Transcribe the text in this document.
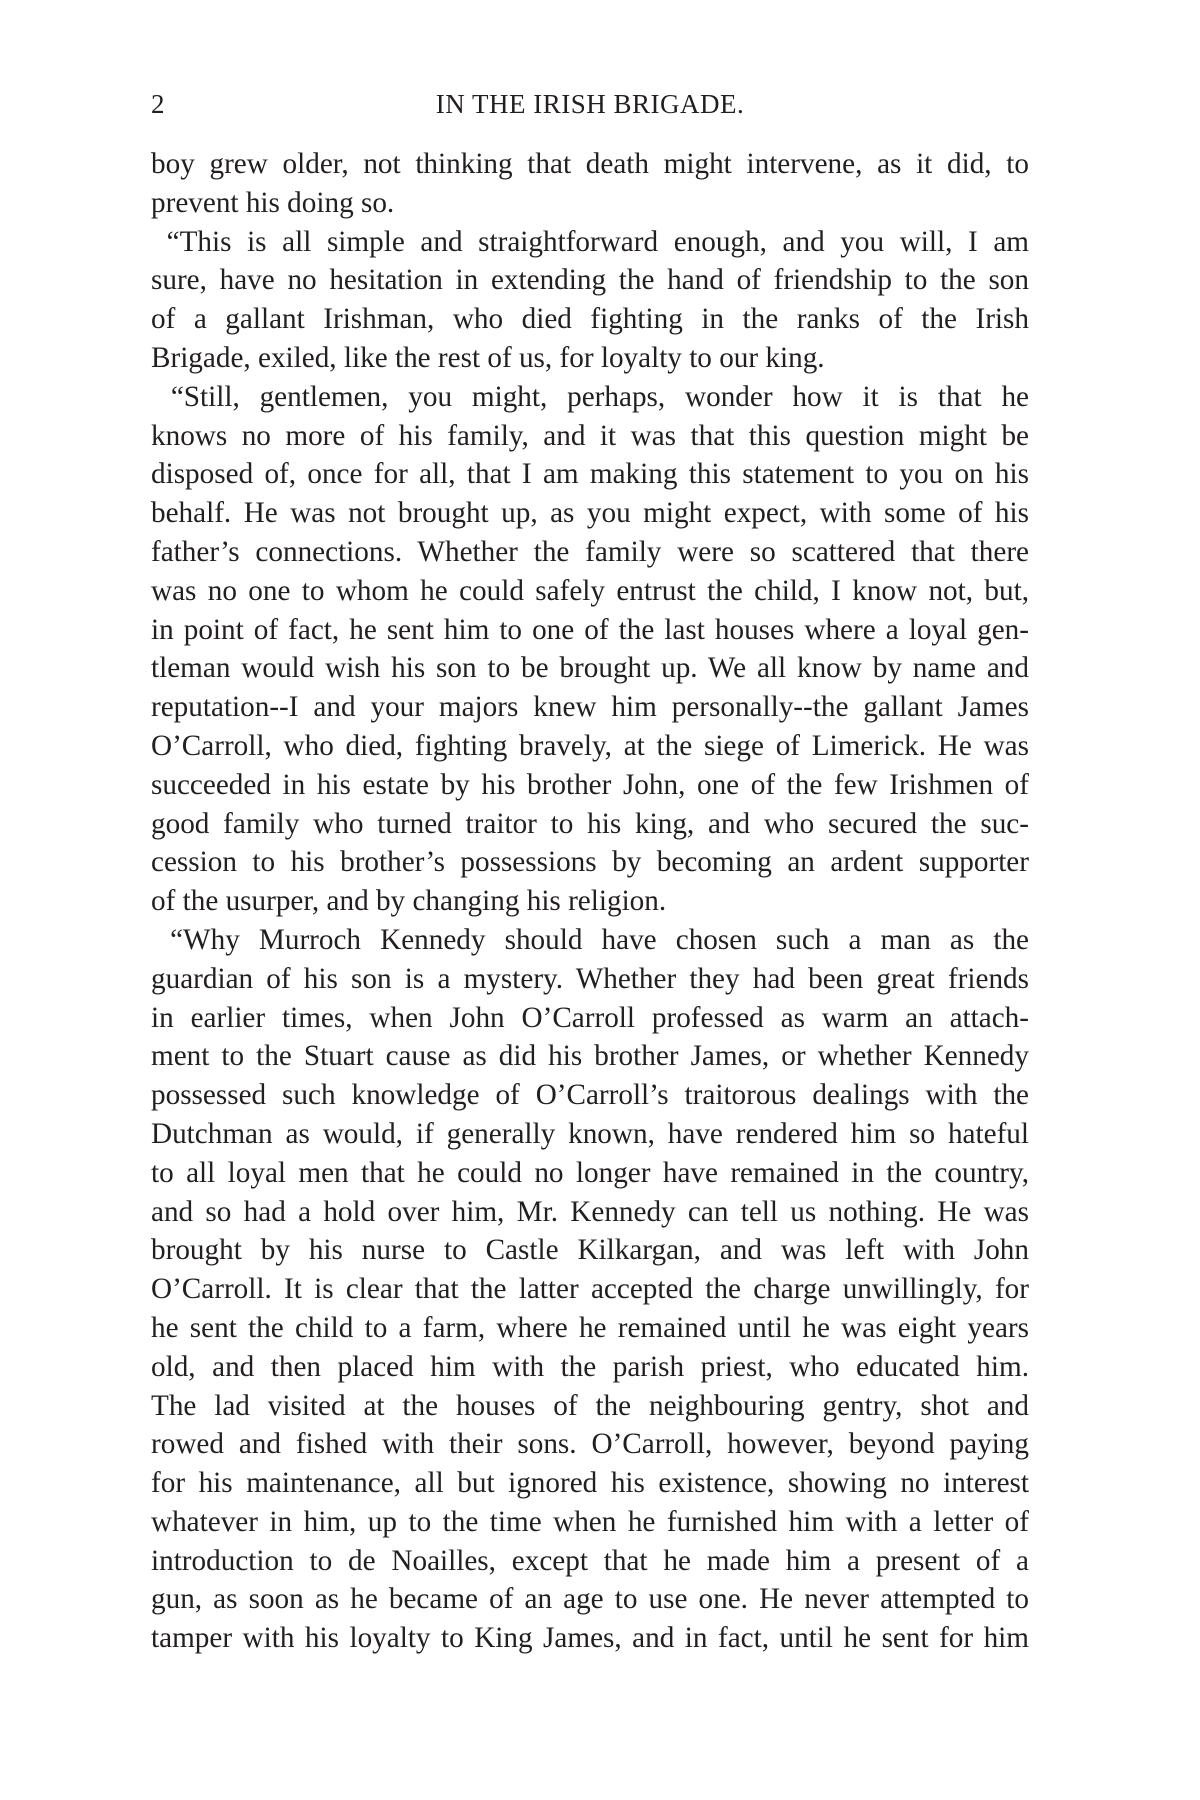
2	IN THE IRISH BRIGADE.
boy grew older, not thinking that death might intervene, as it did, to
prevent his doing so.
“This is all simple and straightforward enough, and you will, I am
sure, have no hesitation in extending the hand of friendship to the son
of a gallant Irishman, who died fighting in the ranks of the Irish
Brigade, exiled, like the rest of us, for loyalty to our king.
“Still, gentlemen, you might, perhaps, wonder how it is that he
knows no more of his family, and it was that this question might be
disposed of, once for all, that I am making this statement to you on his
behalf. He was not brought up, as you might expect, with some of his
father’s connections. Whether the family were so scattered that there
was no one to whom he could safely entrust the child, I know not, but,
in point of fact, he sent him to one of the last houses where a loyal gen-
tleman would wish his son to be brought up. We all know by name and
reputation--I and your majors knew him personally--the gallant James
O’Carroll, who died, fighting bravely, at the siege of Limerick. He was
succeeded in his estate by his brother John, one of the few Irishmen of
good family who turned traitor to his king, and who secured the suc-
cession to his brother’s possessions by becoming an ardent supporter
of the usurper, and by changing his religion.
“Why Murroch Kennedy should have chosen such a man as the
guardian of his son is a mystery. Whether they had been great friends
in earlier times, when John O’Carroll professed as warm an attach-
ment to the Stuart cause as did his brother James, or whether Kennedy
possessed such knowledge of O’Carroll’s traitorous dealings with the
Dutchman as would, if generally known, have rendered him so hateful
to all loyal men that he could no longer have remained in the country,
and so had a hold over him, Mr. Kennedy can tell us nothing. He was
brought by his nurse to Castle Kilkargan, and was left with John
O’Carroll. It is clear that the latter accepted the charge unwillingly, for
he sent the child to a farm, where he remained until he was eight years
old, and then placed him with the parish priest, who educated him.
The lad visited at the houses of the neighbouring gentry, shot and
rowed and fished with their sons. O’Carroll, however, beyond paying
for his maintenance, all but ignored his existence, showing no interest
whatever in him, up to the time when he furnished him with a letter of
introduction to de Noailles, except that he made him a present of a
gun, as soon as he became of an age to use one. He never attempted to
tamper with his loyalty to King James, and in fact, until he sent for him
